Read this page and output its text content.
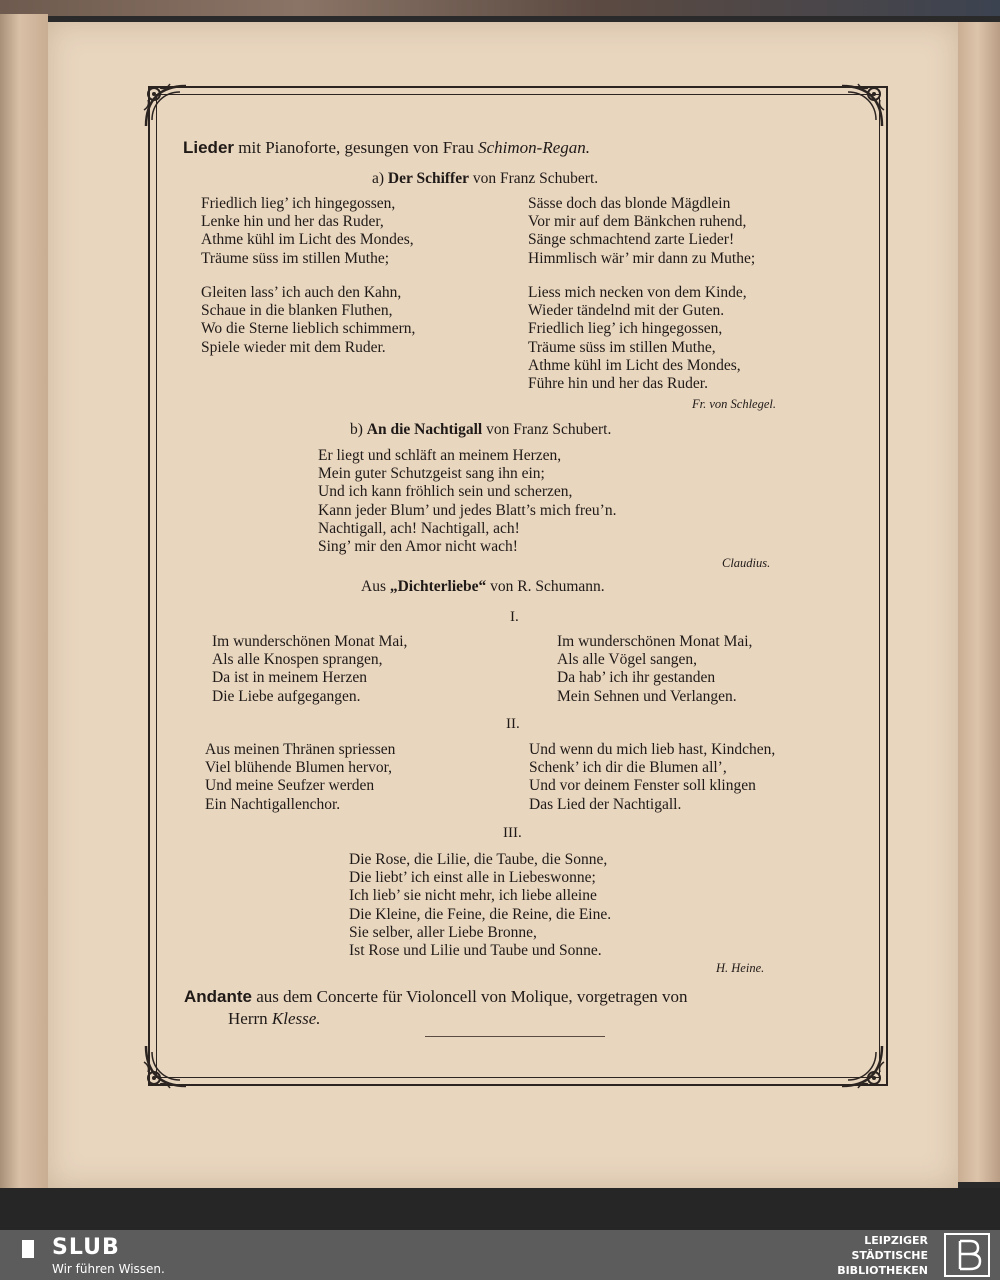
Lieder mit Pianoforte, gesungen von Frau Schimon-Regan.
a) Der Schiffer von Franz Schubert.
Friedlich lieg’ ich hingegossen,
Lenke hin und her das Ruder,
Athme kühl im Licht des Mondes,
Träume süss im stillen Muthe;
Sässe doch das blonde Mägdlein
Vor mir auf dem Bänkchen ruhend,
Sänge schmachtend zarte Lieder!
Himmlisch wär’ mir dann zu Muthe;
Gleiten lass’ ich auch den Kahn,
Schaue in die blanken Fluthen,
Wo die Sterne lieblich schimmern,
Spiele wieder mit dem Ruder.
Liess mich necken von dem Kinde,
Wieder tändelnd mit der Guten.
Friedlich lieg’ ich hingegossen,
Träume süss im stillen Muthe,
Athme kühl im Licht des Mondes,
Führe hin und her das Ruder.
Fr. von Schlegel.
b) An die Nachtigall von Franz Schubert.
Er liegt und schläft an meinem Herzen,
Mein guter Schutzgeist sang ihn ein;
Und ich kann fröhlich sein und scherzen,
Kann jeder Blum’ und jedes Blatt’s mich freu’n.
Nachtigall, ach! Nachtigall, ach!
Sing’ mir den Amor nicht wach!
Claudius.
Aus „Dichterliebe“ von R. Schumann.
I.
Im wunderschönen Monat Mai,
Als alle Knospen sprangen,
Da ist in meinem Herzen
Die Liebe aufgegangen.
Im wunderschönen Monat Mai,
Als alle Vögel sangen,
Da hab’ ich ihr gestanden
Mein Sehnen und Verlangen.
II.
Aus meinen Thränen spriessen
Viel blühende Blumen hervor,
Und meine Seufzer werden
Ein Nachtigallenchor.
Und wenn du mich lieb hast, Kindchen,
Schenk’ ich dir die Blumen all’,
Und vor deinem Fenster soll klingen
Das Lied der Nachtigall.
III.
Die Rose, die Lilie, die Taube, die Sonne,
Die liebt’ ich einst alle in Liebeswonne;
Ich lieb’ sie nicht mehr, ich liebe alleine
Die Kleine, die Feine, die Reine, die Eine.
Sie selber, aller Liebe Bronne,
Ist Rose und Lilie und Taube und Sonne.
H. Heine.
Andante aus dem Concerte für Violoncell von Molique, vorgetragen von
Herrn Klesse.
SLUB
Wir führen Wissen.
LEIPZIGER
STÄDTISCHE
BIBLIOTHEKEN
